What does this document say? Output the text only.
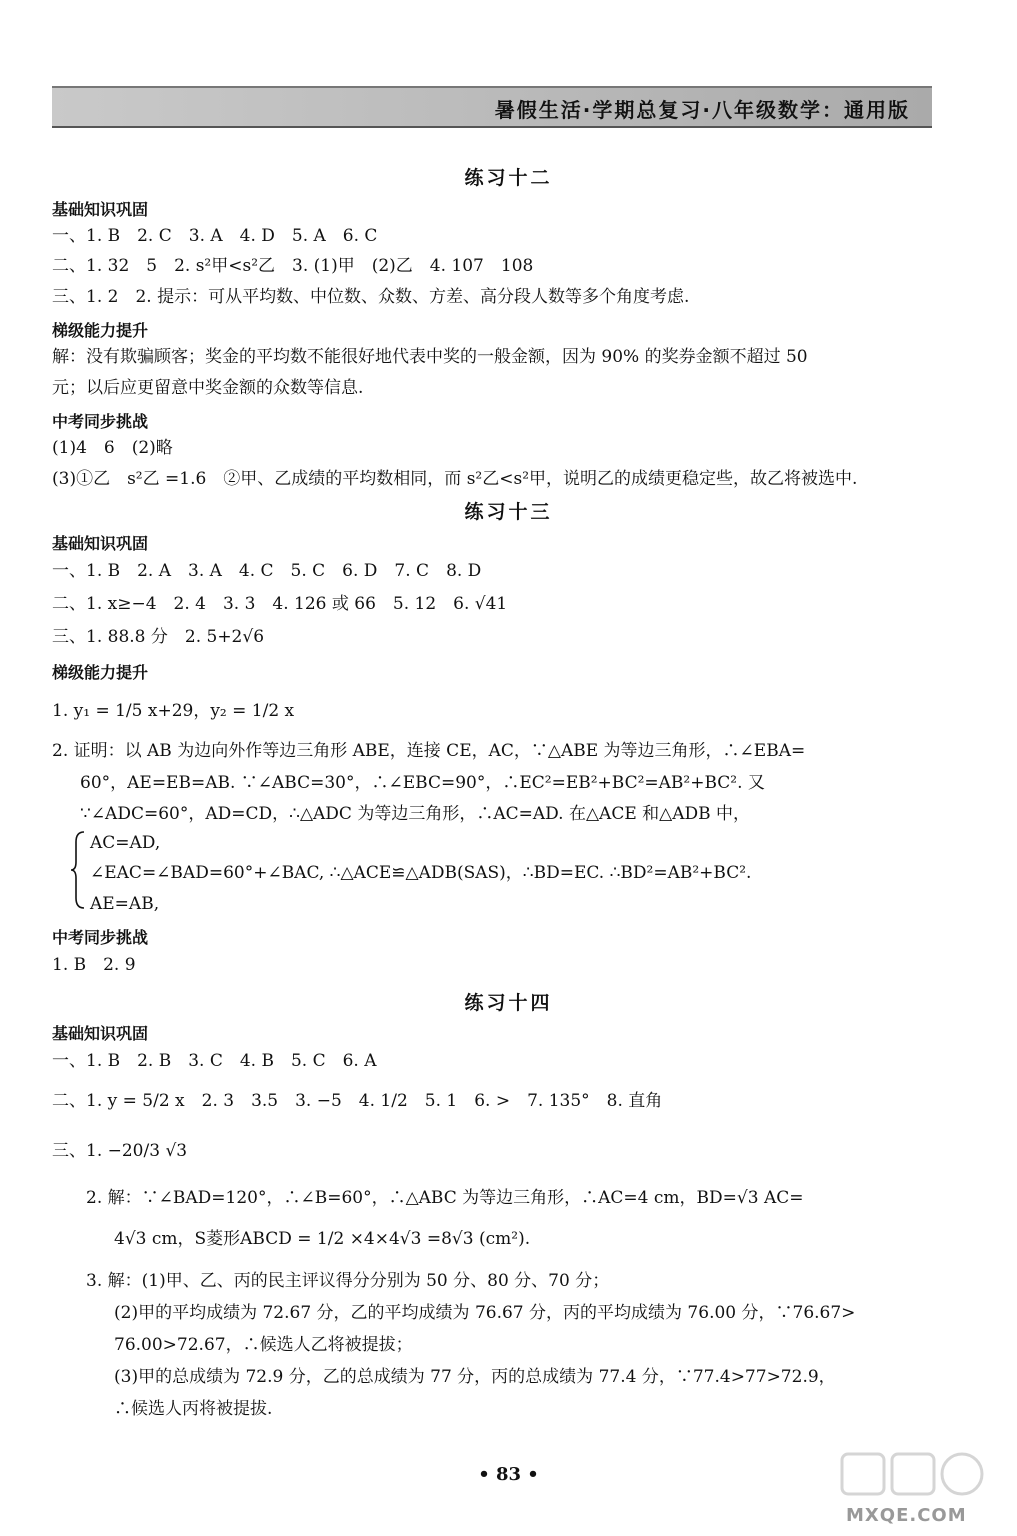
暑假生活·学期总复习·八年级数学：通用版
练习十二
基础知识巩固
一、1. B　2. C　3. A　4. D　5. A　6. C
二、1. 32　5　2. s²甲<s²乙　3. (1)甲　(2)乙　4. 107　108
三、1. 2　2. 提示：可从平均数、中位数、众数、方差、高分段人数等多个角度考虑.
梯级能力提升
解：没有欺骗顾客；奖金的平均数不能很好地代表中奖的一般金额，因为 90% 的奖券金额不超过 50
元；以后应更留意中奖金额的众数等信息.
中考同步挑战
(1)4　6　(2)略
(3)①乙　s²乙 =1.6　②甲、乙成绩的平均数相同，而 s²乙<s²甲，说明乙的成绩更稳定些，故乙将被选中.
练习十三
基础知识巩固
一、1. B　2. A　3. A　4. C　5. C　6. D　7. C　8. D
二、1. x≥−4　2. 4　3. 3　4. 126 或 66　5. 12　6. √41
三、1. 88.8 分　2. 5+2√6
梯级能力提升
1. y₁ = 1/5 x+29，y₂ = 1/2 x
2. 证明：以 AB 为边向外作等边三角形 ABE，连接 CE，AC，∵△ABE 为等边三角形，∴∠EBA=
60°，AE=EB=AB. ∵∠ABC=30°，∴∠EBC=90°，∴EC²=EB²+BC²=AB²+BC². 又
∵∠ADC=60°，AD=CD，∴△ADC 为等边三角形，∴AC=AD. 在△ACE 和△ADB 中，
AC=AD,
∠EAC=∠BAD=60°+∠BAC, ∴△ACE≌△ADB(SAS)，∴BD=EC. ∴BD²=AB²+BC².
AE=AB,
中考同步挑战
1. B　2. 9
练习十四
基础知识巩固
一、1. B　2. B　3. C　4. B　5. C　6. A
二、1. y = 5/2 x　2. 3　3.5　3. −5　4. 1/2　5. 1　6. >　7. 135°　8. 直角
三、1. −20/3 √3
2. 解：∵∠BAD=120°，∴∠B=60°，∴△ABC 为等边三角形，∴AC=4 cm，BD=√3 AC=
4√3 cm，S菱形ABCD = 1/2 ×4×4√3 =8√3 (cm²).
3. 解：(1)甲、乙、丙的民主评议得分分别为 50 分、80 分、70 分；
(2)甲的平均成绩为 72.67 分，乙的平均成绩为 76.67 分，丙的平均成绩为 76.00 分，∵76.67>
76.00>72.67，∴候选人乙将被提拔；
(3)甲的总成绩为 72.9 分，乙的总成绩为 77 分，丙的总成绩为 77.4 分，∵77.4>77>72.9，
∴候选人丙将被提拔.
• 83 •
MXQE.COM
